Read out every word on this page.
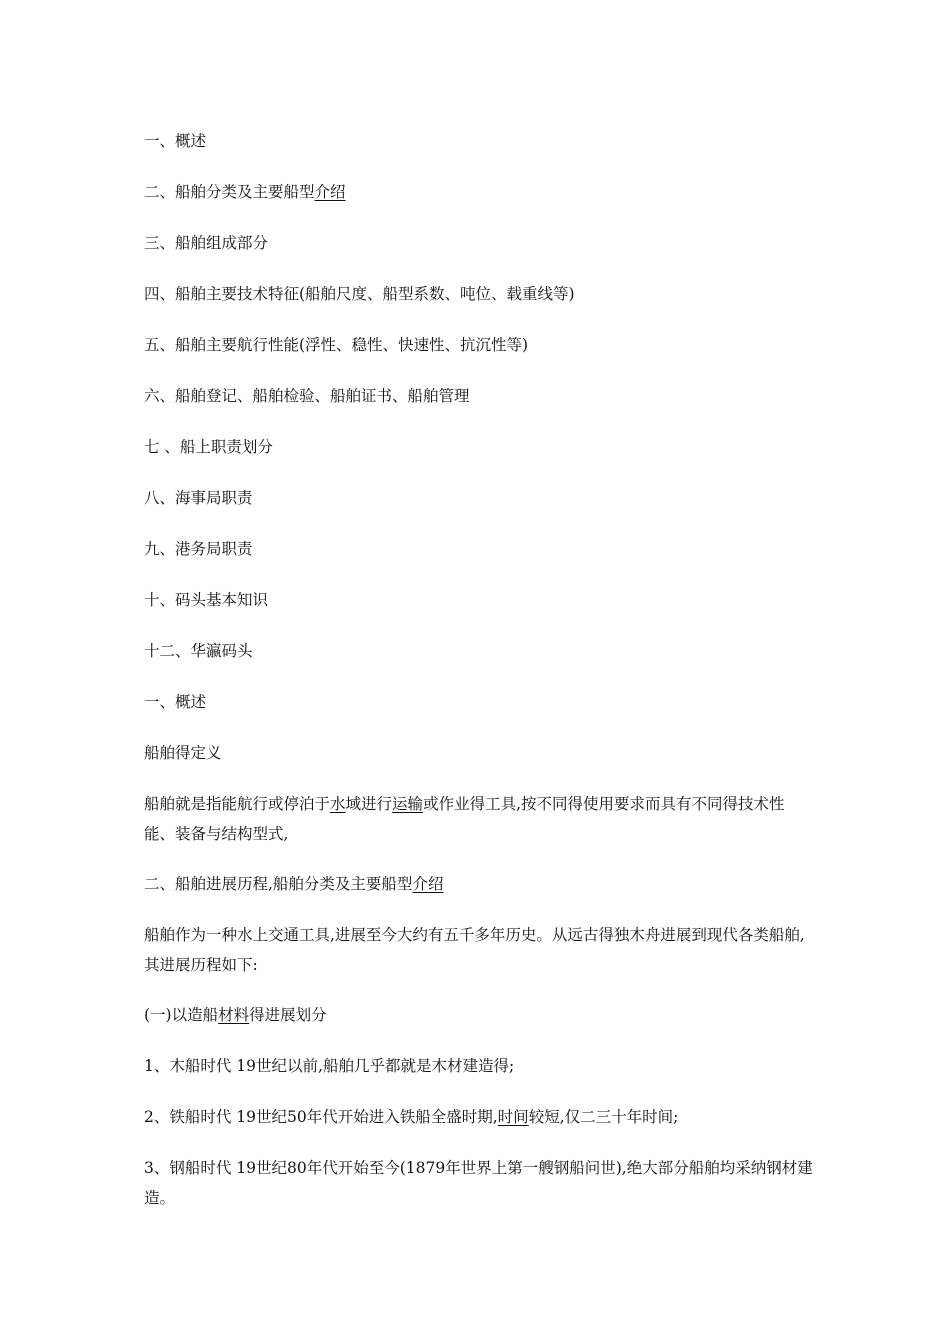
一、概述
二、船舶分类及主要船型介绍
三、船舶组成部分
四、船舶主要技术特征(船舶尺度、船型系数、吨位、载重线等)
五、船舶主要航行性能(浮性、稳性、快速性、抗沉性等)
六、船舶登记、船舶检验、船舶证书、船舶管理
七 、船上职责划分
八、海事局职责
九、港务局职责
十、码头基本知识
十二、华瀛码头
一、概述
船舶得定义
船舶就是指能航行或停泊于水域进行运输或作业得工具,按不同得使用要求而具有不同得技术性能、装备与结构型式,
二、船舶进展历程,船舶分类及主要船型介绍
船舶作为一种水上交通工具,进展至今大约有五千多年历史。从远古得独木舟进展到现代各类船舶,其进展历程如下:
(一)以造船材料得进展划分
1、木船时代 19世纪以前,船舶几乎都就是木材建造得;
2、铁船时代 19世纪50年代开始进入铁船全盛时期,时间较短,仅二三十年时间;
3、钢船时代 19世纪80年代开始至今(1879年世界上第一艘钢船问世),绝大部分船舶均采纳钢材建造。
